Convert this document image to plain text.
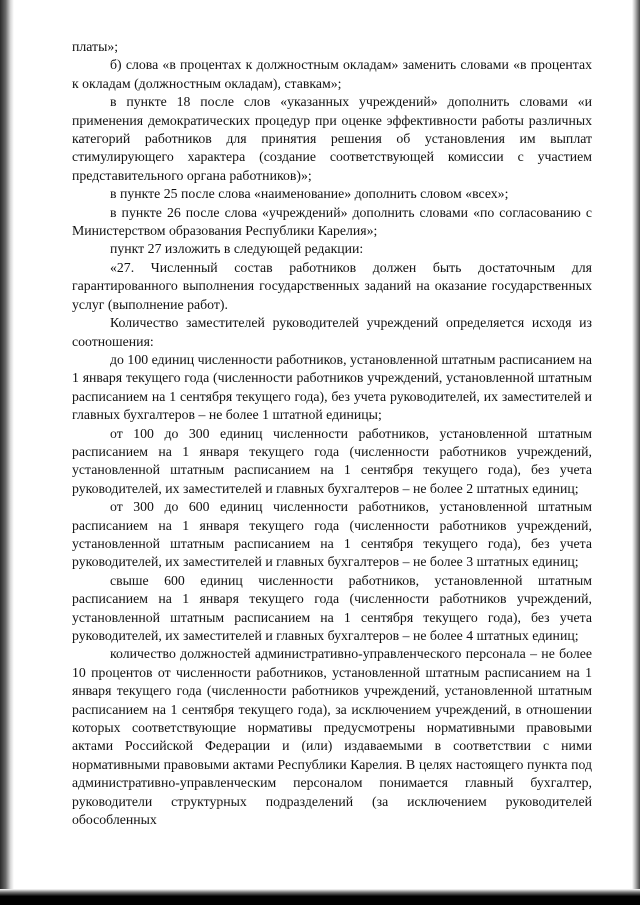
платы»;

б) слова «в процентах к должностным окладам» заменить словами «в процентах к окладам (должностным окладам), ставкам»;

в пункте 18 после слов «указанных учреждений» дополнить словами «и применения демократических процедур при оценке эффективности работы различных категорий работников для принятия решения об установления им выплат стимулирующего характера (создание соответствующей комиссии с участием представительного органа работников)»;

в пункте 25 после слова «наименование» дополнить словом «всех»;

в пункте 26 после слова «учреждений» дополнить словами «по согласованию с Министерством образования Республики Карелия»;

пункт 27 изложить в следующей редакции:

«27. Численный состав работников должен быть достаточным для гарантированного выполнения государственных заданий на оказание государственных услуг (выполнение работ).

Количество заместителей руководителей учреждений определяется исходя из соотношения:

до 100 единиц численности работников, установленной штатным расписанием на 1 января текущего года (численности работников учреждений, установленной штатным расписанием на 1 сентября текущего года), без учета руководителей, их заместителей и главных бухгалтеров – не более 1 штатной единицы;

от 100 до 300 единиц численности работников, установленной штатным расписанием на 1 января текущего года (численности работников учреждений, установленной штатным расписанием на 1 сентября текущего года), без учета руководителей, их заместителей и главных бухгалтеров – не более 2 штатных единиц;

от 300 до 600 единиц численности работников, установленной штатным расписанием на 1 января текущего года (численности работников учреждений, установленной штатным расписанием на 1 сентября текущего года), без учета руководителей, их заместителей и главных бухгалтеров – не более 3 штатных единиц;

свыше 600 единиц численности работников, установленной штатным расписанием на 1 января текущего года (численности работников учреждений, установленной штатным расписанием на 1 сентября текущего года), без учета руководителей, их заместителей и главных бухгалтеров – не более 4 штатных единиц;

количество должностей административно-управленческого персонала – не более 10 процентов от численности работников, установленной штатным расписанием на 1 января текущего года (численности работников учреждений, установленной штатным расписанием на 1 сентября текущего года), за исключением учреждений, в отношении которых соответствующие нормативы предусмотрены нормативными правовыми актами Российской Федерации и (или) издаваемыми в соответствии с ними нормативными правовыми актами Республики Карелия. В целях настоящего пункта под административно-управленческим персоналом понимается главный бухгалтер, руководители структурных подразделений (за исключением руководителей обособленных
